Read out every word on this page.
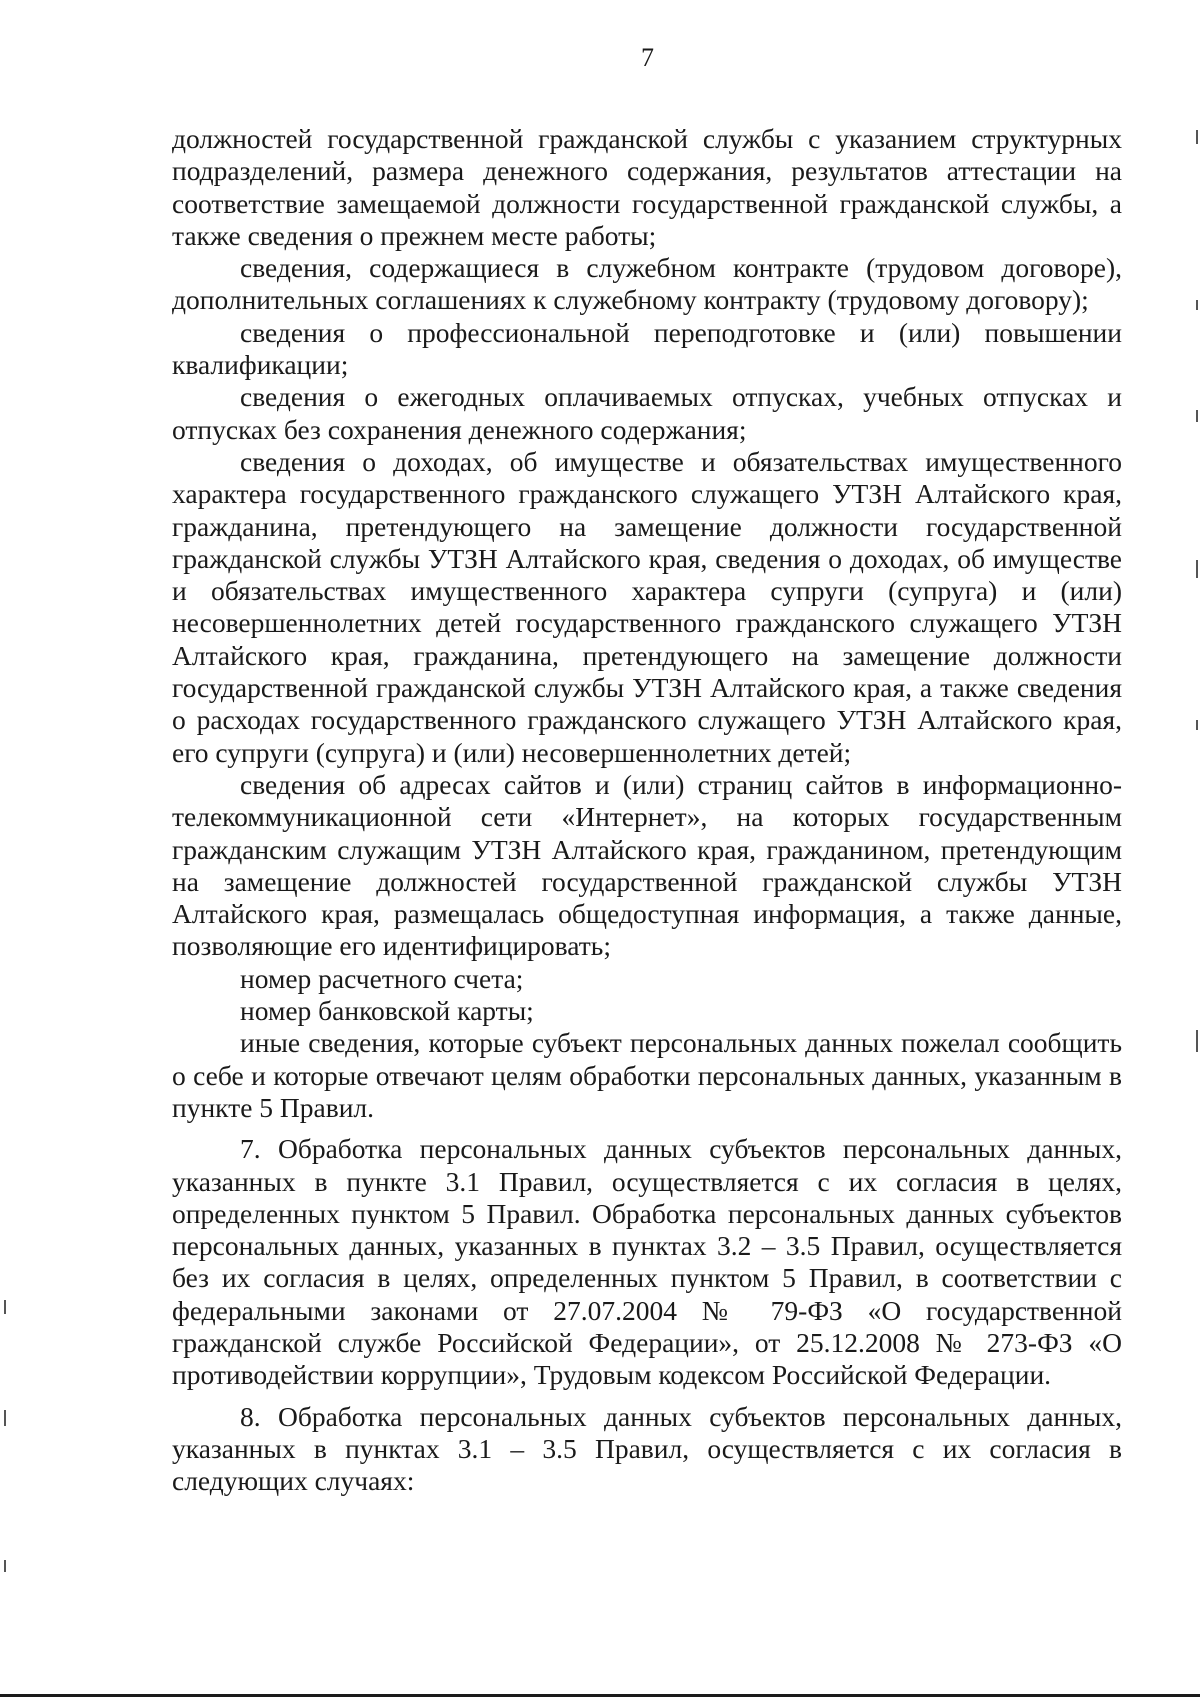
7

должностей государственной гражданской службы с указанием структурных подразделений, размера денежного содержания, результатов аттестации на соответствие замещаемой должности государственной гражданской службы, а также сведения о прежнем месте работы;

сведения, содержащиеся в служебном контракте (трудовом договоре), дополнительных соглашениях к служебному контракту (трудовому договору);

сведения о профессиональной переподготовке и (или) повышении квалификации;

сведения о ежегодных оплачиваемых отпусках, учебных отпусках и отпусках без сохранения денежного содержания;

сведения о доходах, об имуществе и обязательствах имущественного характера государственного гражданского служащего УТЗН Алтайского края, гражданина, претендующего на замещение должности государственной гражданской службы УТЗН Алтайского края, сведения о доходах, об имуществе и обязательствах имущественного характера супруги (супруга) и (или) несовершеннолетних детей государственного гражданского служащего УТЗН Алтайского края, гражданина, претендующего на замещение должности государственной гражданской службы УТЗН Алтайского края, а также сведения о расходах государственного гражданского служащего УТЗН Алтайского края, его супруги (супруга) и (или) несовершеннолетних детей;

сведения об адресах сайтов и (или) страниц сайтов в информационно-телекоммуникационной сети «Интернет», на которых государственным гражданским служащим УТЗН Алтайского края, гражданином, претендующим на замещение должностей государственной гражданской службы УТЗН Алтайского края, размещалась общедоступная информация, а также данные, позволяющие его идентифицировать;

номер расчетного счета;

номер банковской карты;

иные сведения, которые субъект персональных данных пожелал сообщить о себе и которые отвечают целям обработки персональных данных, указанным в пункте 5 Правил.

7. Обработка персональных данных субъектов персональных данных, указанных в пункте 3.1 Правил, осуществляется с их согласия в целях, определенных пунктом 5 Правил. Обработка персональных данных субъектов персональных данных, указанных в пунктах 3.2 – 3.5 Правил, осуществляется без их согласия в целях, определенных пунктом 5 Правил, в соответствии с федеральными законами от 27.07.2004 № 79-ФЗ «О государственной гражданской службе Российской Федерации», от 25.12.2008 № 273-ФЗ «О противодействии коррупции», Трудовым кодексом Российской Федерации.

8. Обработка персональных данных субъектов персональных данных, указанных в пунктах 3.1 – 3.5 Правил, осуществляется с их согласия в следующих случаях:
